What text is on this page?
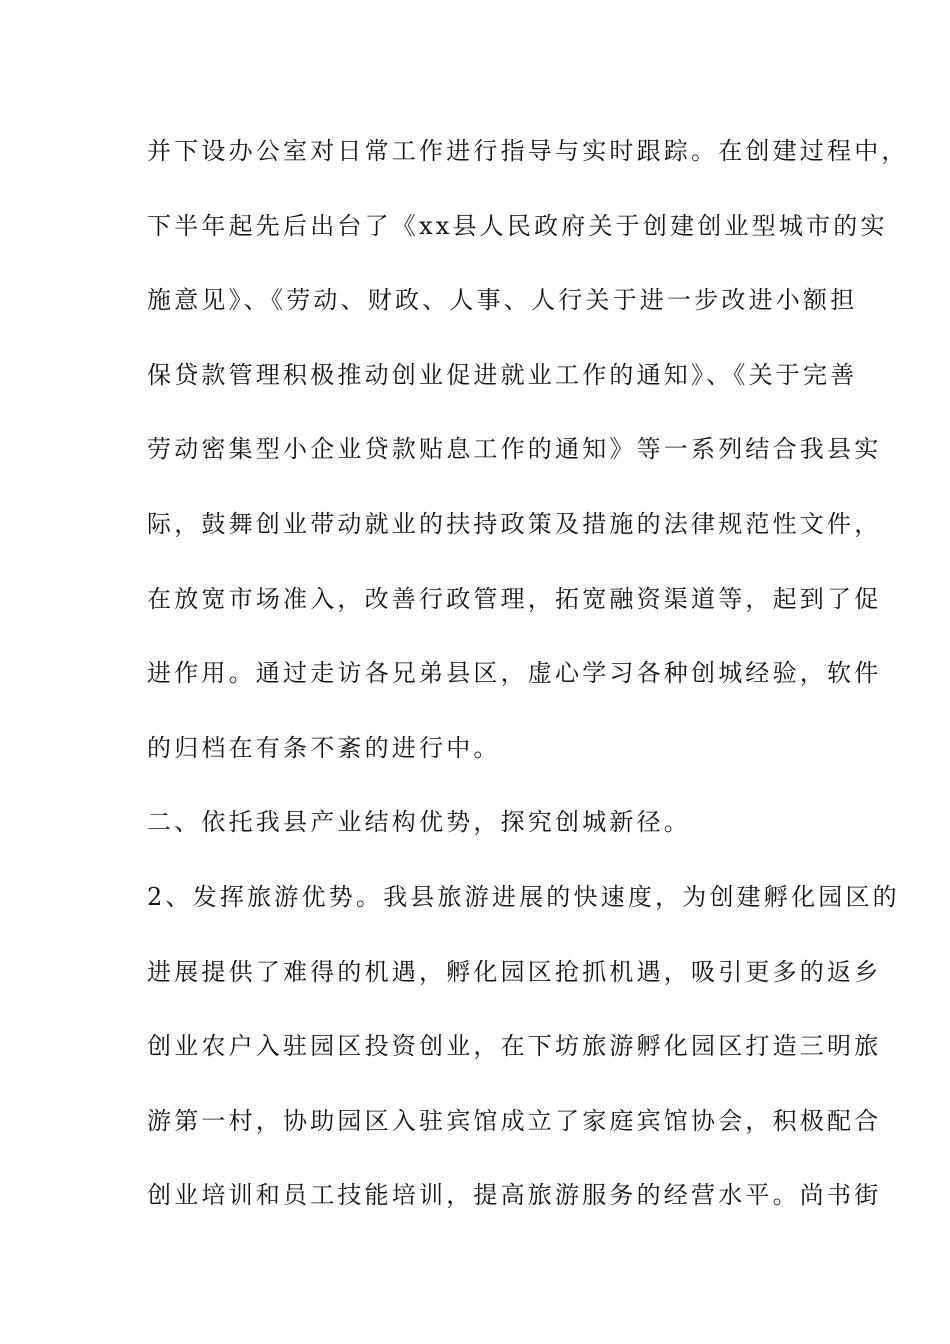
并下设办公室对日常工作进行指导与实时跟踪。在创建过程中，
下半年起先后出台了《xx县人民政府关于创建创业型城市的实
施意见》、《劳动、财政、人事、人行关于进一步改进小额担
保贷款管理积极推动创业促进就业工作的通知》、《关于完善
劳动密集型小企业贷款贴息工作的通知》等一系列结合我县实
际，鼓舞创业带动就业的扶持政策及措施的法律规范性文件，
在放宽市场准入，改善行政管理，拓宽融资渠道等，起到了促
进作用。通过走访各兄弟县区，虚心学习各种创城经验，软件
的归档在有条不紊的进行中。
二、依托我县产业结构优势，探究创城新径。
2、发挥旅游优势。我县旅游进展的快速度，为创建孵化园区的
进展提供了难得的机遇，孵化园区抢抓机遇，吸引更多的返乡
创业农户入驻园区投资创业，在下坊旅游孵化园区打造三明旅
游第一村，协助园区入驻宾馆成立了家庭宾馆协会，积极配合
创业培训和员工技能培训，提高旅游服务的经营水平。尚书街
